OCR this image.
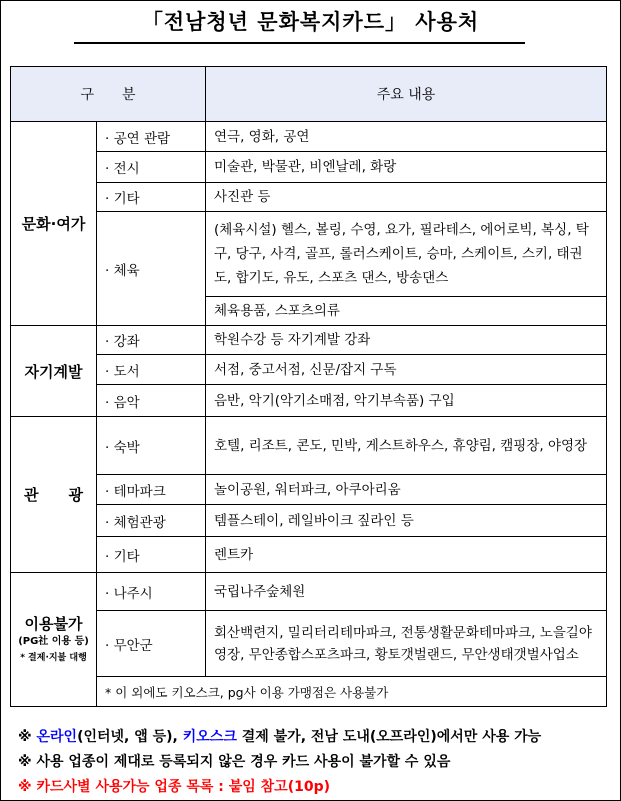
「전남청년 문화복지카드」 사용처
구　　분		주요 내용
문화·여가	· 공연 관람	연극, 영화, 공연
	· 전시	미술관, 박물관, 비엔날레, 화랑
	· 기타	사진관 등
	· 체육	(체육시설) 헬스, 볼링, 수영, 요가, 필라테스, 에어로빅, 복싱, 탁구, 당구, 사격, 골프, 롤러스케이트, 승마, 스케이트, 스키, 태권도, 합기도, 유도, 스포츠 댄스, 방송댄스
		체육용품, 스포츠의류
자기계발	· 강좌	학원수강 등 자기계발 강좌
	· 도서	서점, 중고서점, 신문/잡지 구독
	· 음악	음반, 악기(악기소매점, 악기부속품) 구입
관　　광	· 숙박	호텔, 리조트, 콘도, 민박, 게스트하우스, 휴양림, 캠핑장, 야영장
	· 테마파크	놀이공원, 워터파크, 아쿠아리움
	· 체험관광	템플스테이, 레일바이크 짚라인 등
	· 기타	렌트카
이용불가
(PG社 이용 등)
* 결제·지불 대행	· 나주시	국립나주숲체원
	· 무안군	회산백련지, 밀리터리테마파크, 전통생활문화테마파크, 노을길야영장, 무안종합스포츠파크, 황토갯벌랜드, 무안생태갯벌사업소
	* 이 외에도 키오스크, pg사 이용 가맹점은 사용불가	
※ 온라인(인터넷, 앱 등), 키오스크 결제 불가, 전남 도내(오프라인)에서만 사용 가능
※ 사용 업종이 제대로 등록되지 않은 경우 카드 사용이 불가할 수 있음
※ 카드사별 사용가능 업종 목록 : 붙임 참고(10p)
